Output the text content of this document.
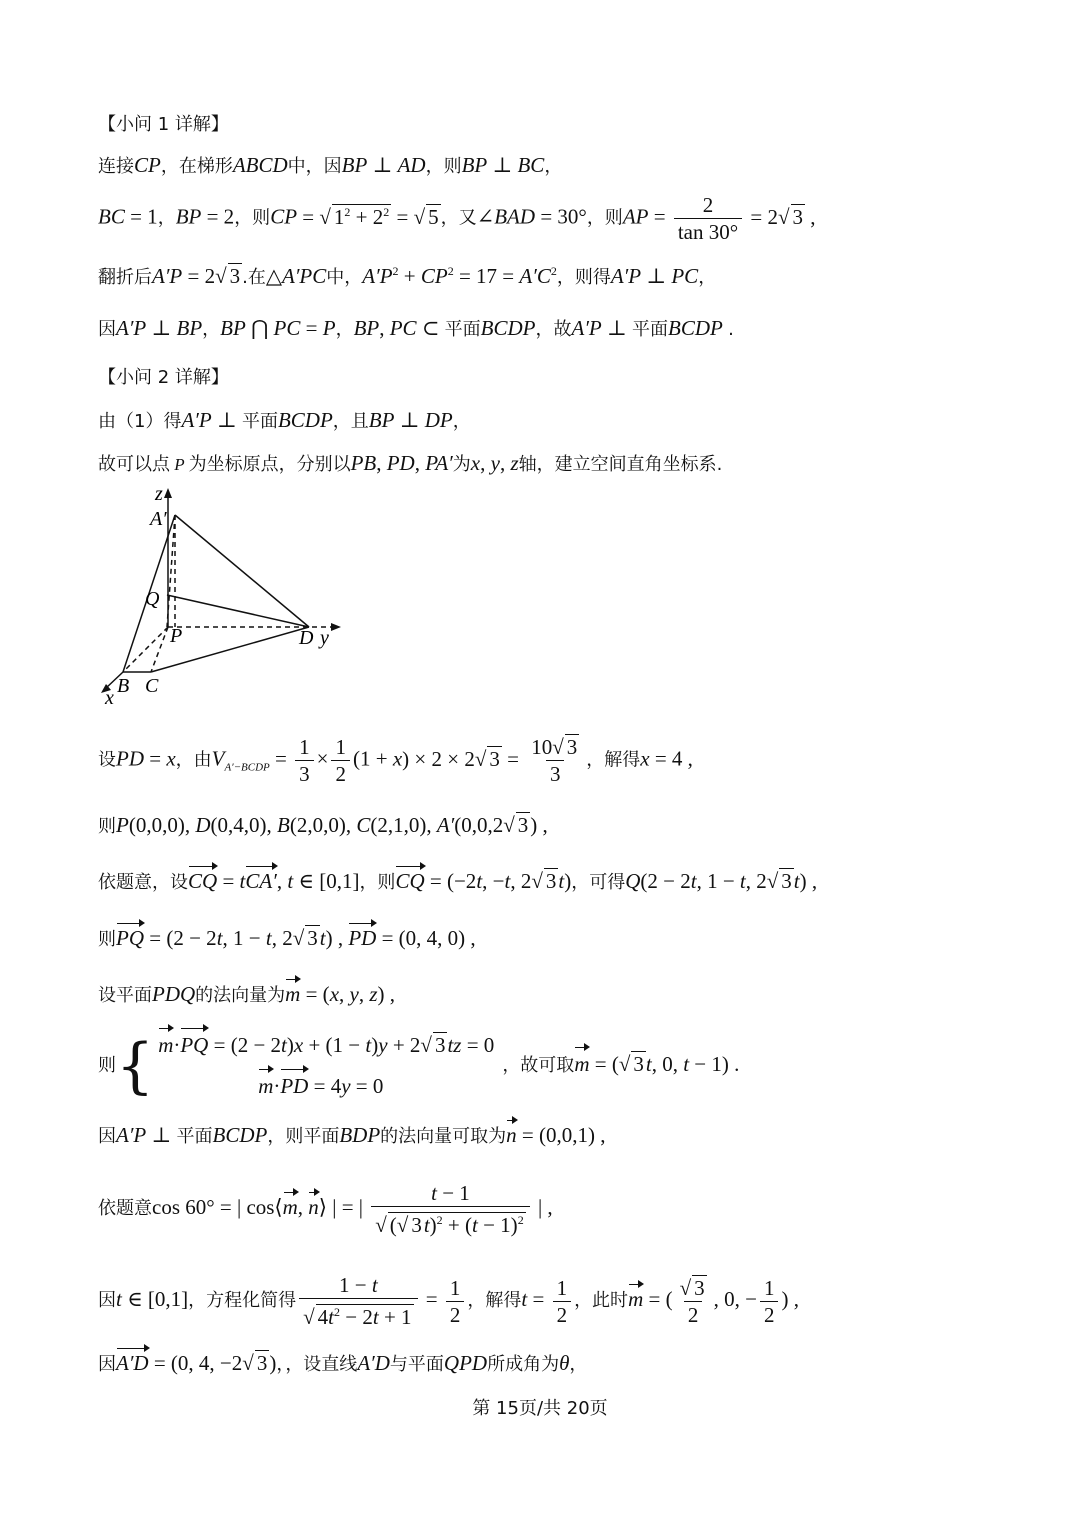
【小问 1 详解】
连接CP，在梯形ABCD中，因BP ⊥ AD，则BP ⊥ BC，
BC = 1，BP = 2，则CP = √ $1^2 + 2^2$ = √ 5 ，又∠BAD = 30°，则AP = $\frac{2}{\tan 30^\circ} = 2√$ 3 ,
翻折后A′P = 2√ 3 .在△A′PC中，$A'P^2 + CP^2 = 17 = A'C^2$，则得A′P ⊥ PC，
因A′P ⊥ BP，BP ⋂ PC = P，BP, PC ⊂ 平面BCDP，故A′P ⊥ 平面BCDP .
【小问 2 详解】
由（1）得A′P ⊥ 平面BCDP，且BP ⊥ DP，
故可以点 P 为坐标原点，分别以PB, PD, PA′为x, y, z轴，建立空间直角坐标系.
z
A′
Q
P	D y
B C
x
设PD = x，由$V_{A'-BCDP} = \frac{1}{3} \times \frac{1}{2} (1 + x) \times 2 \times 2√$ $3 = \frac{10√ 3}{3}$ ，解得x = 4 ,
则P(0,0,0), D(0,4,0), B(2,0,0), C(2,1,0), A′(0,0,2√ 3) ,
依题意，设CQ = tCA′, t ∈ [0,1]，则CQ = (−2t, −t, 2√ 3t)，可得Q(2 − 2t, 1 − t, 2√ 3t) ,
则PQ = (2 − 2t, 1 − t, 2√ 3t) , PD = (0, 4, 0) ,
设平面PDQ的法向量为m = (x, y, z) ,
则{ m·PQ = (2 − 2t)x + (1 − t)y + 2√ 3tz = 0
m·PD = 4y = 0
，故可取m = (√ 3t, 0, t − 1) .
因A′P ⊥ 平面BCDP，则平面BDP的法向量可取为n = (0,0,1) ,
依题意cos 60° = | cos⟨m, n⟩ | = | $\frac{t - 1}{√ (√ 3t)^2 + (t - 1)^2}$ | ,
因t ∈ [0,1]，方程化简得 $\frac{1 - t}{√ 4t^2 - 2t + 1} = \frac{1}{2}$ ，解得$t = \frac{1}{2}$ ，此时m = ( $\frac{√ 3}{2}$ , 0, − $\frac{1}{2}$ ) ,
因A′D = (0, 4, −2√ 3)，，设直线A′D与平面QPD所成角为θ，
第 15页/共 20页
